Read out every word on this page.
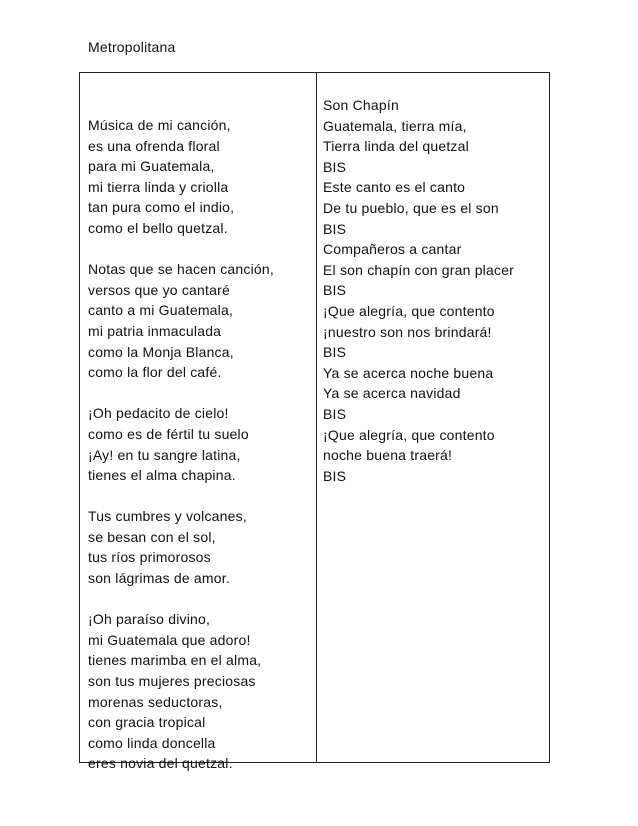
Metropolitana
Música de mi canción,
es una ofrenda floral
para mi Guatemala,
mi tierra linda y criolla
tan pura como el indio,
como el bello quetzal.
Notas que se hacen canción,
versos que yo cantaré
canto a mi Guatemala,
mi patria inmaculada
como la Monja Blanca,
como la flor del café.
¡Oh pedacito de cielo!
como es de fértil tu suelo
¡Ay! en tu sangre latina,
tienes el alma chapina.
Tus cumbres y volcanes,
se besan con el sol,
tus ríos primorosos
son lágrimas de amor.
¡Oh paraíso divino,
mi Guatemala que adoro!
tienes marimba en el alma,
son tus mujeres preciosas
morenas seductoras,
con gracia tropical
como linda doncella
eres novia del quetzal.
Son Chapín
Guatemala, tierra mía,
Tierra linda del quetzal
BIS
Este canto es el canto
De tu pueblo, que es el son
BIS
Compañeros a cantar
El son chapín con gran placer
BIS
¡Que alegría, que contento
¡nuestro son nos brindará!
BIS
Ya se acerca noche buena
Ya se acerca navidad
BIS
¡Que alegría, que contento
noche buena traerá!
BIS
